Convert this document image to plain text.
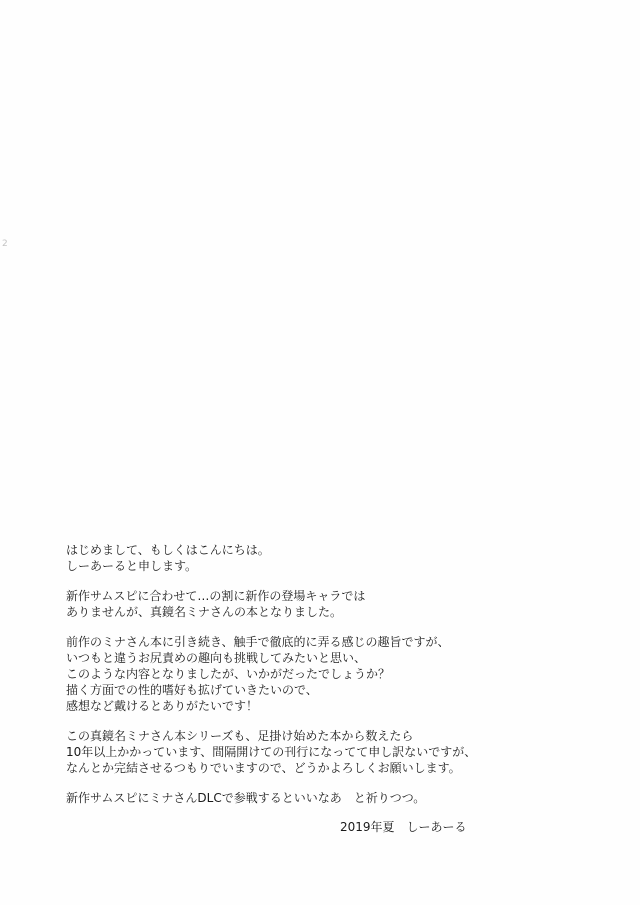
2

はじめまして、もしくはこんにちは。
しーあーると申します。

新作サムスピに合わせて…の割に新作の登場キャラでは
ありませんが、真鏡名ミナさんの本となりました。

前作のミナさん本に引き続き、触手で徹底的に弄る感じの趣旨ですが、
いつもと違うお尻責めの趣向も挑戦してみたいと思い、
このような内容となりましたが、いかがだったでしょうか？
描く方面での性的嗜好も拡げていきたいので、
感想など戴けるとありがたいです！

この真鏡名ミナさん本シリーズも、足掛け始めた本から数えたら
10年以上かかっています、間隔開けての刊行になってて申し訳ないですが、
なんとか完結させるつもりでいますので、どうかよろしくお願いします。

新作サムスピにミナさんDLCで参戦するといいなあ　と祈りつつ。

2019年夏 しーあーる
